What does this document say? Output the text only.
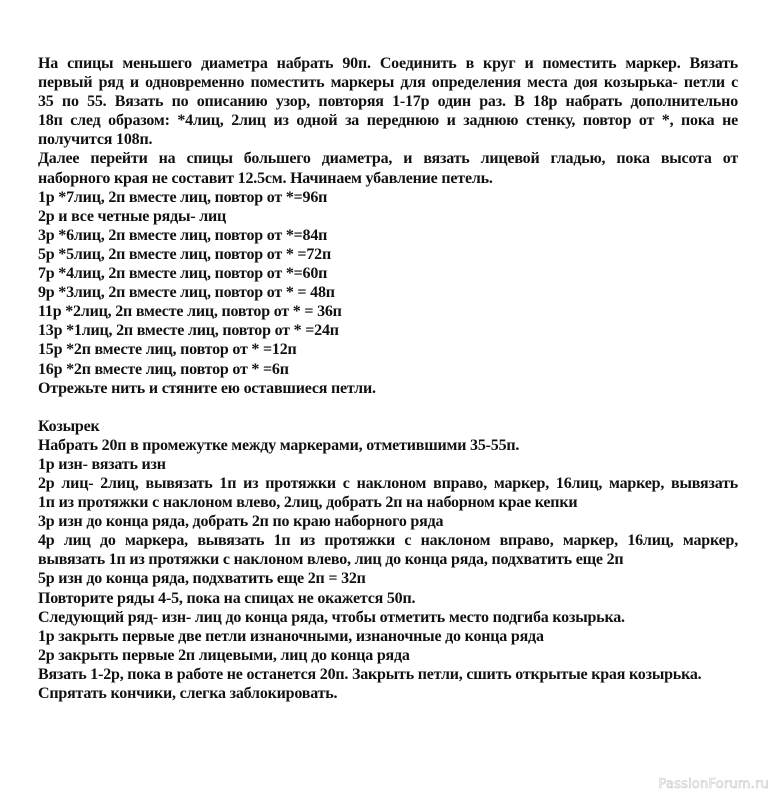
На спицы меньшего диаметра набрать 90п. Соединить в круг и поместить маркер. Вязать
первый ряд и одновременно поместить маркеры для определения места доя козырька- петли с
35 по 55. Вязать по описанию узор, повторяя 1-17р один раз. В 18р набрать дополнительно
18п след образом: *4лиц, 2лиц из одной за переднюю и заднюю стенку, повтор от *, пока не
получится 108п.
Далее перейти на спицы большего диаметра, и вязать лицевой гладью, пока высота от
наборного края не составит 12.5см. Начинаем убавление петель.
1р *7лиц, 2п вместе лиц, повтор от *=96п
2р и все четные ряды- лиц
3р *6лиц, 2п вместе лиц, повтор от *=84п
5р *5лиц, 2п вместе лиц, повтор от * =72п
7р *4лиц, 2п вместе лиц, повтор от *=60п
9р *3лиц, 2п вместе лиц, повтор от * = 48п
11р *2лиц, 2п вместе лиц, повтор от * = 36п
13р *1лиц, 2п вместе лиц, повтор от * =24п
15р *2п вместе лиц, повтор от * =12п
16р *2п вместе лиц, повтор от * =6п
Отрежьте нить и стяните ею оставшиеся петли.
Козырек
Набрать 20п в промежутке между маркерами, отметившими 35-55п.
1р изн- вязать изн
2р лиц- 2лиц, вывязать 1п из протяжки с наклоном вправо, маркер, 16лиц, маркер, вывязать
1п из протяжки с наклоном влево, 2лиц, добрать 2п на наборном крае кепки
3р изн до конца ряда, добрать 2п по краю наборного ряда
4р лиц до маркера, вывязать 1п из протяжки с наклоном вправо, маркер, 16лиц, маркер,
вывязать 1п из протяжки с наклоном влево, лиц до конца ряда, подхватить еще 2п
5р изн до конца ряда, подхватить еще 2п = 32п
Повторите ряды 4-5, пока на спицах не окажется 50п.
Следующий ряд- изн- лиц до конца ряда, чтобы отметить место подгиба козырька.
1р закрыть первые две петли изнаночными, изнаночные до конца ряда
2р закрыть первые 2п лицевыми, лиц до конца ряда
Вязать 1-2р, пока в работе не останется 20п. Закрыть петли, сшить открытые края козырька.
Спрятать кончики, слегка заблокировать.
PassionForum.ru
